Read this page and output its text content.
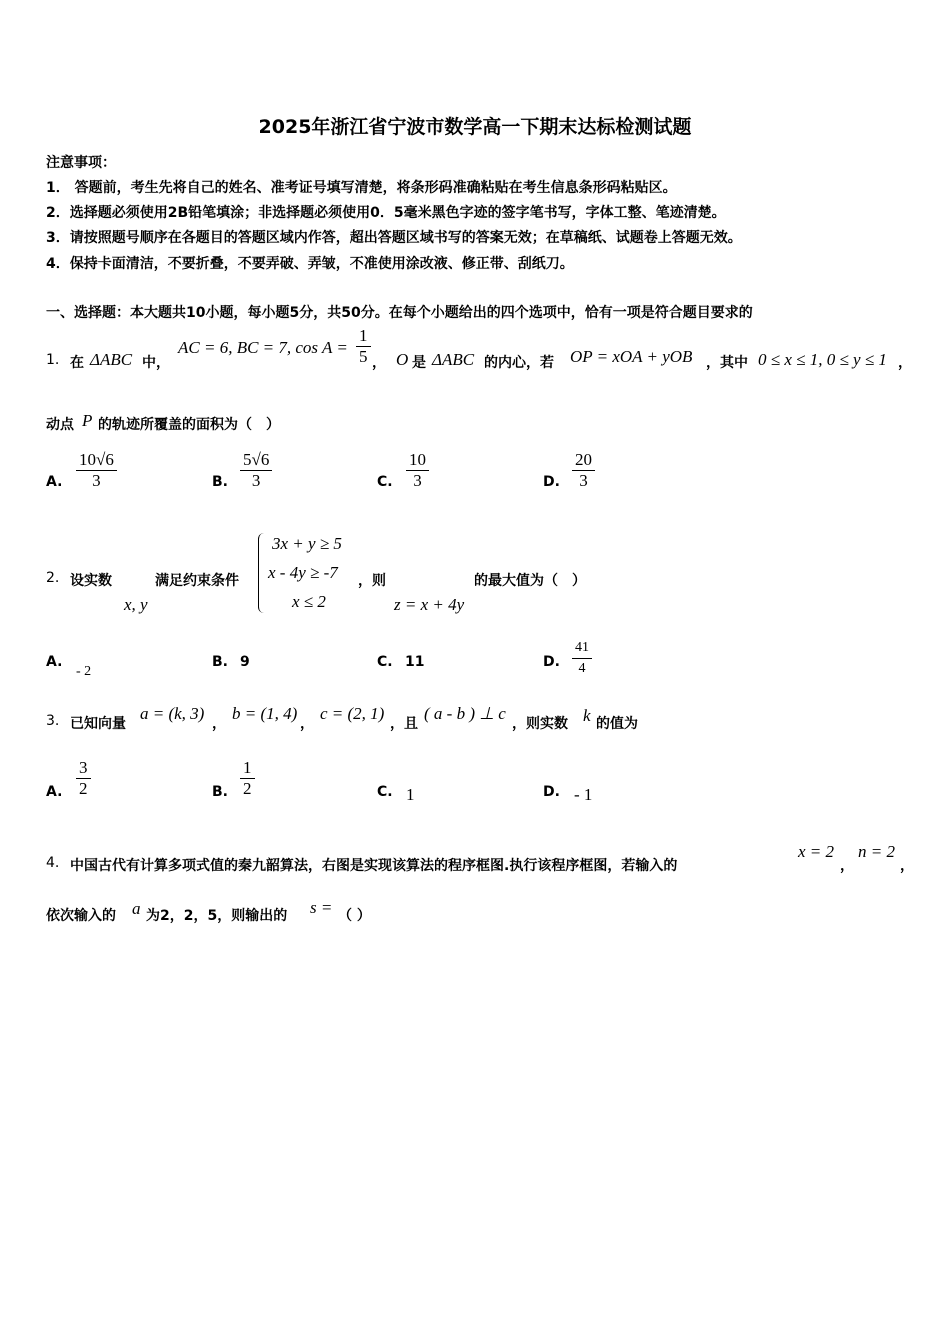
2025年浙江省宁波市数学高一下期末达标检测试题
注意事项：
1． 答题前，考生先将自己的姓名、准考证号填写清楚，将条形码准确粘贴在考生信息条形码粘贴区。
2．选择题必须使用2B铅笔填涂；非选择题必须使用0．5毫米黑色字迹的签字笔书写，字体工整、笔迹清楚。
3．请按照题号顺序在各题目的答题区域内作答，超出答题区域书写的答案无效；在草稿纸、试题卷上答题无效。
4．保持卡面清洁，不要折叠，不要弄破、弄皱，不准使用涂改液、修正带、刮纸刀。
一、选择题：本大题共10小题，每小题5分，共50分。在每个小题给出的四个选项中，恰有一项是符合题目要求的
1. 在 ΔABC 中，
AC = 6, BC = 7, $\cos A = \frac{1}{5}$ ， O 是 ΔABC 的内心，若 OP = xOA + yOB ，其中 0 ≤ x ≤ 1, 0 ≤ y ≤ 1 ，
动点 P 的轨迹所覆盖的面积为（　）
A. $\frac{10√6}{3}$	B. $\frac{5√6}{3}$	C. $\frac{10}{3}$	D. $\frac{20}{3}$
2. 设实数
x, y
满足约束条件
3x + y ≥ 5
x - 4y ≥ -7
x ≤ 2
，则
z = x + 4y
的最大值为（　）
A.
- 2
B. 9	C. 11	D. $\frac{41}{4}$
3. 已知向量
a = (k, 3)
，
b = (1, 4)
，
c = (2, 1)
，且
( a - b ) ⊥ c
，则实数 k 的值为
A. $\frac{3}{2}$	B. $\frac{1}{2}$	C. 1	D. - 1
4. 中国古代有计算多项式值的秦九韶算法，右图是实现该算法的程序框图.执行该程序框图，若输入的
x = 2
，
n = 2
，
依次输入的 a 为2，2，5，则输出的 s = （ ）
